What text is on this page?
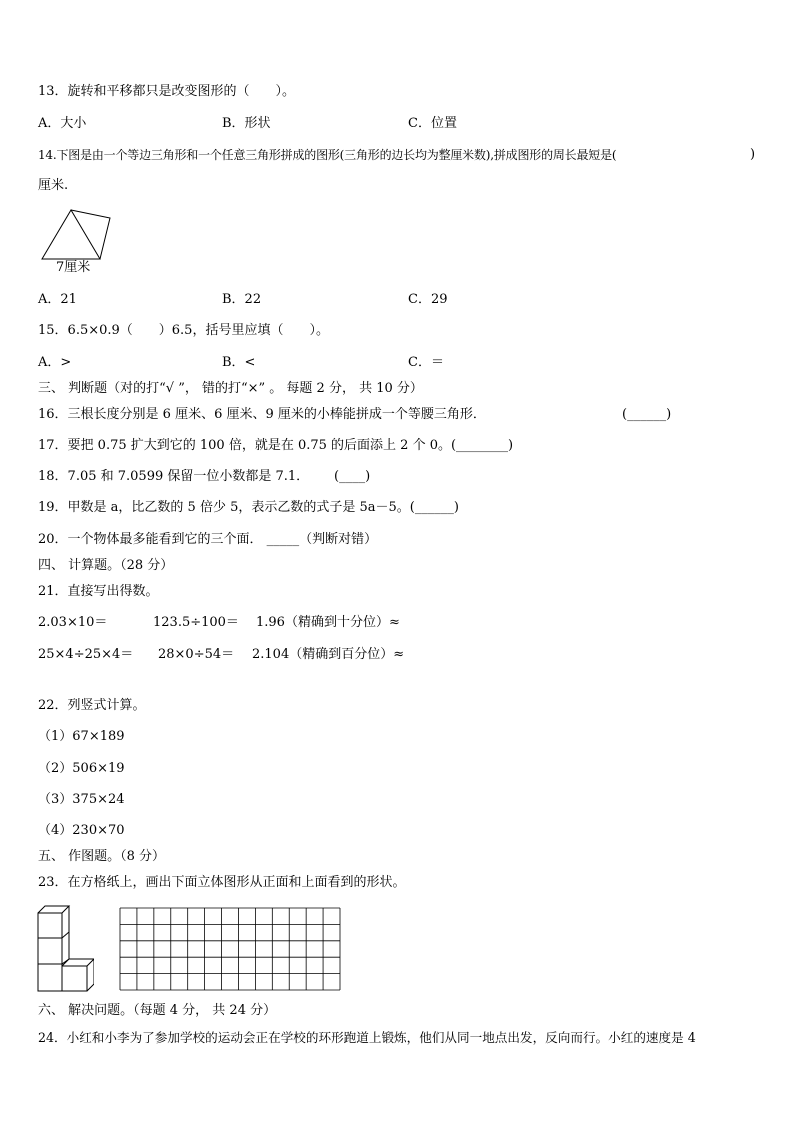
13．旋转和平移都只是改变图形的（　　）。
A．大小	B．形状	C．位置
14.下图是由一个等边三角形和一个任意三角形拼成的图形(三角形的边长均为整厘米数),拼成图形的周长最短是(	)
厘米.
7厘米
A．21	B．22	C．29
15．6.5×0.9（　　）6.5，括号里应填（　　）。
A．>	B．<	C．＝
三、 判断题（对的打“√ ”， 错的打“×” 。 每题 2 分， 共 10 分）
16．三根长度分别是 6 厘米、6 厘米、9 厘米的小棒能拼成一个等腰三角形．	(______)
17．要把 0.75 扩大到它的 100 倍，就是在 0.75 的后面添上 2 个 0。(________)
18．7.05 和 7.0599 保留一位小数都是 7.1． (____)
19．甲数是 a，比乙数的 5 倍少 5，表示乙数的式子是 5a－5。(______)
20．一个物体最多能看到它的三个面． _____（判断对错）
四、 计算题。（28 分）
21．直接写出得数。
2.03×10＝	123.5÷100＝ 1.96（精确到十分位）≈
25×4÷25×4＝ 28×0÷54＝ 2.104（精确到百分位）≈
22．列竖式计算。
（1）67×189
（2）506×19
（3）375×24
（4）230×70
五、 作图题。（8 分）
23．在方格纸上，画出下面立体图形从正面和上面看到的形状。
六、 解决问题。（每题 4 分， 共 24 分）
24．小红和小李为了参加学校的运动会正在学校的环形跑道上锻炼，他们从同一地点出发，反向而行。小红的速度是 4
